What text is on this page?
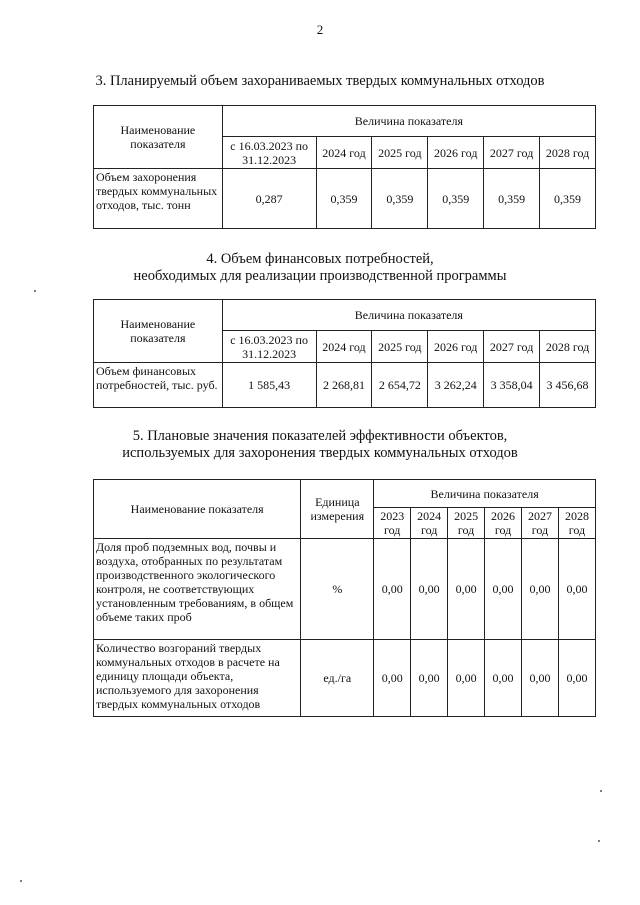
2
3. Планируемый объем захораниваемых твердых коммунальных отходов
Наименование показателя	Величина показателя					
	с 16.03.2023 по 31.12.2023	2024 год	2025 год	2026 год	2027 год	2028 год
Объем захоронения твердых коммунальных отходов, тыс. тонн	0,287	0,359	0,359	0,359	0,359	0,359
4. Объем финансовых потребностей,
необходимых для реализации производственной программы
Наименование показателя	Величина показателя					
	с 16.03.2023 по 31.12.2023	2024 год	2025 год	2026 год	2027 год	2028 год
Объем финансовых потребностей, тыс. руб.	1 585,43	2 268,81	2 654,72	3 262,24	3 358,04	3 456,68
5. Плановые значения показателей эффективности объектов,
используемых для захоронения твердых коммунальных отходов
Наименование показателя	Единица измерения	Величина показателя					
		2023 год	2024 год	2025 год	2026 год	2027 год	2028 год
Доля проб подземных вод, почвы и воздуха, отобранных по результатам производственного экологического контроля, не соответствующих установленным требованиям, в общем объеме таких проб	%	0,00	0,00	0,00	0,00	0,00	0,00
Количество возгораний твердых коммунальных отходов в расчете на единицу площади объекта, используемого для захоронения твердых коммунальных отходов	ед./га	0,00	0,00	0,00	0,00	0,00	0,00
